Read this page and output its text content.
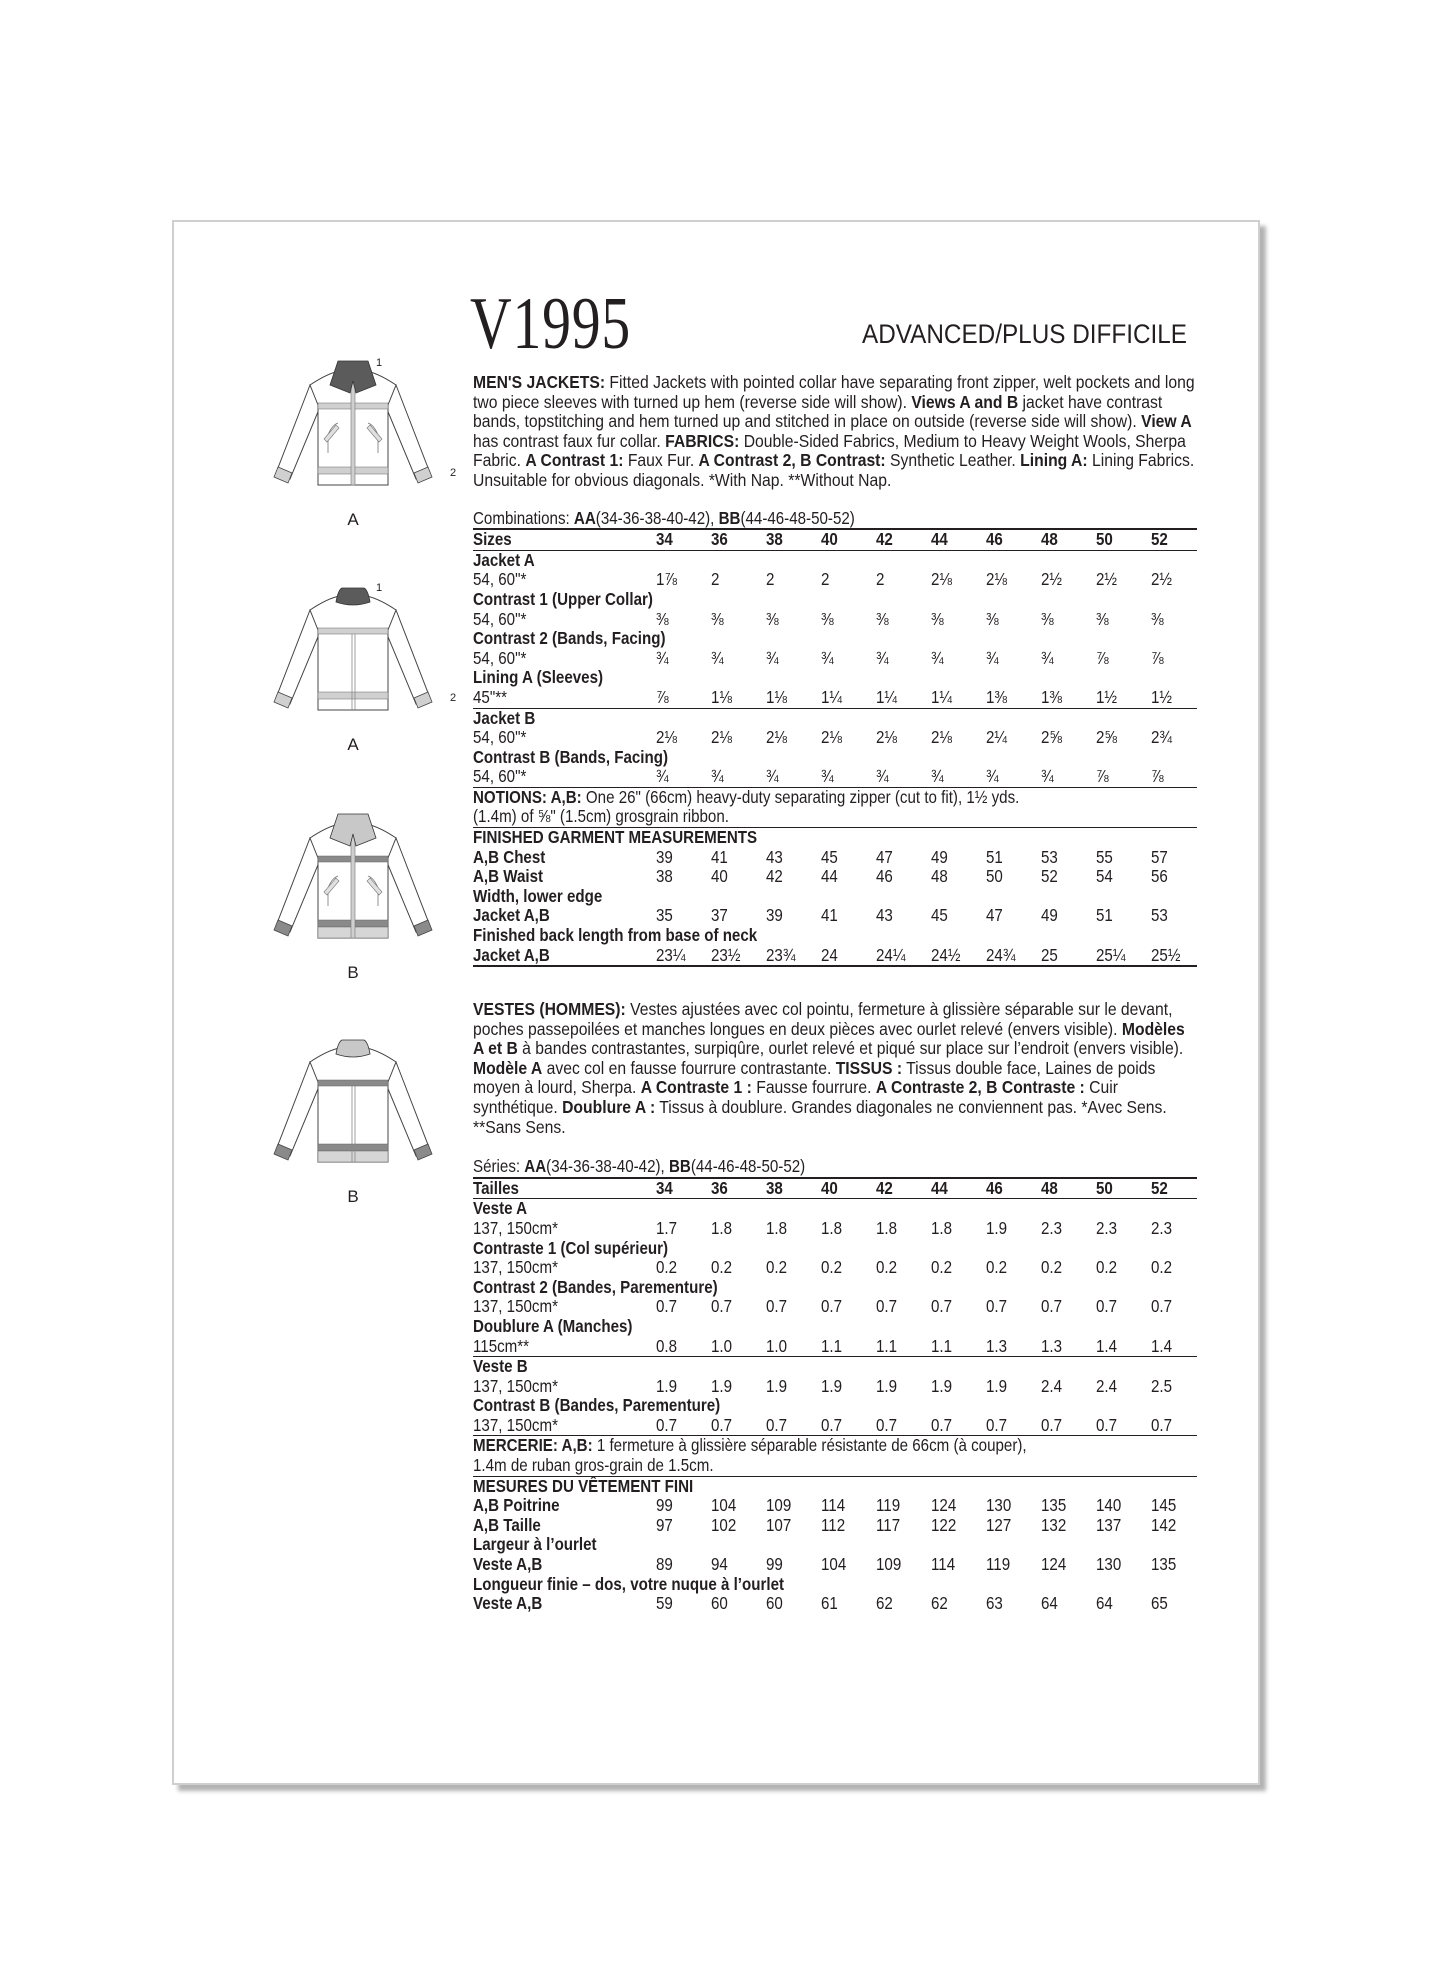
V1995	ADVANCED/PLUS DIFFICILE
1
2
A
1
2
A
B
B
MEN'S JACKETS: Fitted Jackets with pointed collar have separating front zipper, welt pockets and long two piece sleeves with turned up hem (reverse side will show). Views A and B jacket have contrast bands, topstitching and hem turned up and stitched in place on outside (reverse side will show). View A has contrast faux fur collar. FABRICS: Double-Sided Fabrics, Medium to Heavy Weight Wools, Sherpa Fabric. A Contrast 1: Faux Fur. A Contrast 2, B Contrast: Synthetic Leather. Lining A: Lining Fabrics. Unsuitable for obvious diagonals. *With Nap. **Without Nap.
Combinations: AA(34-36-38-40-42), BB(44-46-48-50-52)
Sizes	34 36 38 40 42 44 46 48 50 52
Jacket A
54, 60"*	1⅞ 2	2	2	2	2⅛ 2⅛ 2½ 2½ 2½
Contrast 1 (Upper Collar)
54, 60"*	⅜ ⅜ ⅜ ⅜ ⅜ ⅜ ⅜ ⅜ ⅜ ⅜
Contrast 2 (Bands, Facing)
54, 60"*	¾ ¾ ¾ ¾ ¾ ¾ ¾ ¾ ⅞ ⅞
Lining A (Sleeves)
45"**	⅞ 1⅛ 1⅛ 1¼ 1¼ 1¼ 1⅜ 1⅜ 1½ 1½
Jacket B
54, 60"*	2⅛ 2⅛ 2⅛ 2⅛ 2⅛ 2⅛ 2¼ 2⅝ 2⅝ 2¾
Contrast B (Bands, Facing)
54, 60"*	¾ ¾ ¾ ¾ ¾ ¾ ¾ ¾ ⅞ ⅞
NOTIONS: A,B: One 26" (66cm) heavy-duty separating zipper (cut to fit), 1½ yds.
(1.4m) of ⅝" (1.5cm) grosgrain ribbon.
FINISHED GARMENT MEASUREMENTS
A,B Chest	39 41 43 45 47 49 51 53 55 57
A,B Waist	38 40 42 44 46 48 50 52 54 56
Width, lower edge
Jacket A,B	35 37 39 41 43 45 47 49 51 53
Finished back length from base of neck
Jacket A,B	23¼ 23½ 23¾ 24 24¼ 24½ 24¾ 25 25¼ 25½
VESTES (HOMMES): Vestes ajustées avec col pointu, fermeture à glissière séparable sur le devant, poches passepoilées et manches longues en deux pièces avec ourlet relevé (envers visible). Modèles A et B à bandes contrastantes, surpiqûre, ourlet relevé et piqué sur place sur l’endroit (envers visible). Modèle A avec col en fausse fourrure contrastante. TISSUS : Tissus double face, Laines de poids moyen à lourd, Sherpa. A Contraste 1 : Fausse fourrure. A Contraste 2, B Contraste : Cuir synthétique. Doublure A : Tissus à doublure. Grandes diagonales ne conviennent pas. *Avec Sens. **Sans Sens.
Séries: AA(34-36-38-40-42), BB(44-46-48-50-52)
Tailles	34 36 38 40 42 44 46 48 50 52
Veste A
137, 150cm*	1.7 1.8 1.8 1.8 1.8 1.8 1.9 2.3 2.3 2.3
Contraste 1 (Col supérieur)
137, 150cm*	0.2 0.2 0.2 0.2 0.2 0.2 0.2 0.2 0.2 0.2
Contrast 2 (Bandes, Parementure)
137, 150cm*	0.7 0.7 0.7 0.7 0.7 0.7 0.7 0.7 0.7 0.7
Doublure A (Manches)
115cm**	0.8 1.0 1.0 1.1 1.1 1.1 1.3 1.3 1.4 1.4
Veste B
137, 150cm*	1.9 1.9 1.9 1.9 1.9 1.9 1.9 2.4 2.4 2.5
Contrast B (Bandes, Parementure)
137, 150cm*	0.7 0.7 0.7 0.7 0.7 0.7 0.7 0.7 0.7 0.7
MERCERIE: A,B: 1 fermeture à glissière séparable résistante de 66cm (à couper),
1.4m de ruban gros-grain de 1.5cm.
MESURES DU VÊTEMENT FINI
A,B Poitrine	99 104 109 114 119 124 130 135 140 145
A,B Taille	97 102 107 112 117 122 127 132 137 142
Largeur à l’ourlet
Veste A,B	89 94 99 104 109 114 119 124 130 135
Longueur finie – dos, votre nuque à l’ourlet
Veste A,B	59 60 60 61 62 62 63 64 64 65
